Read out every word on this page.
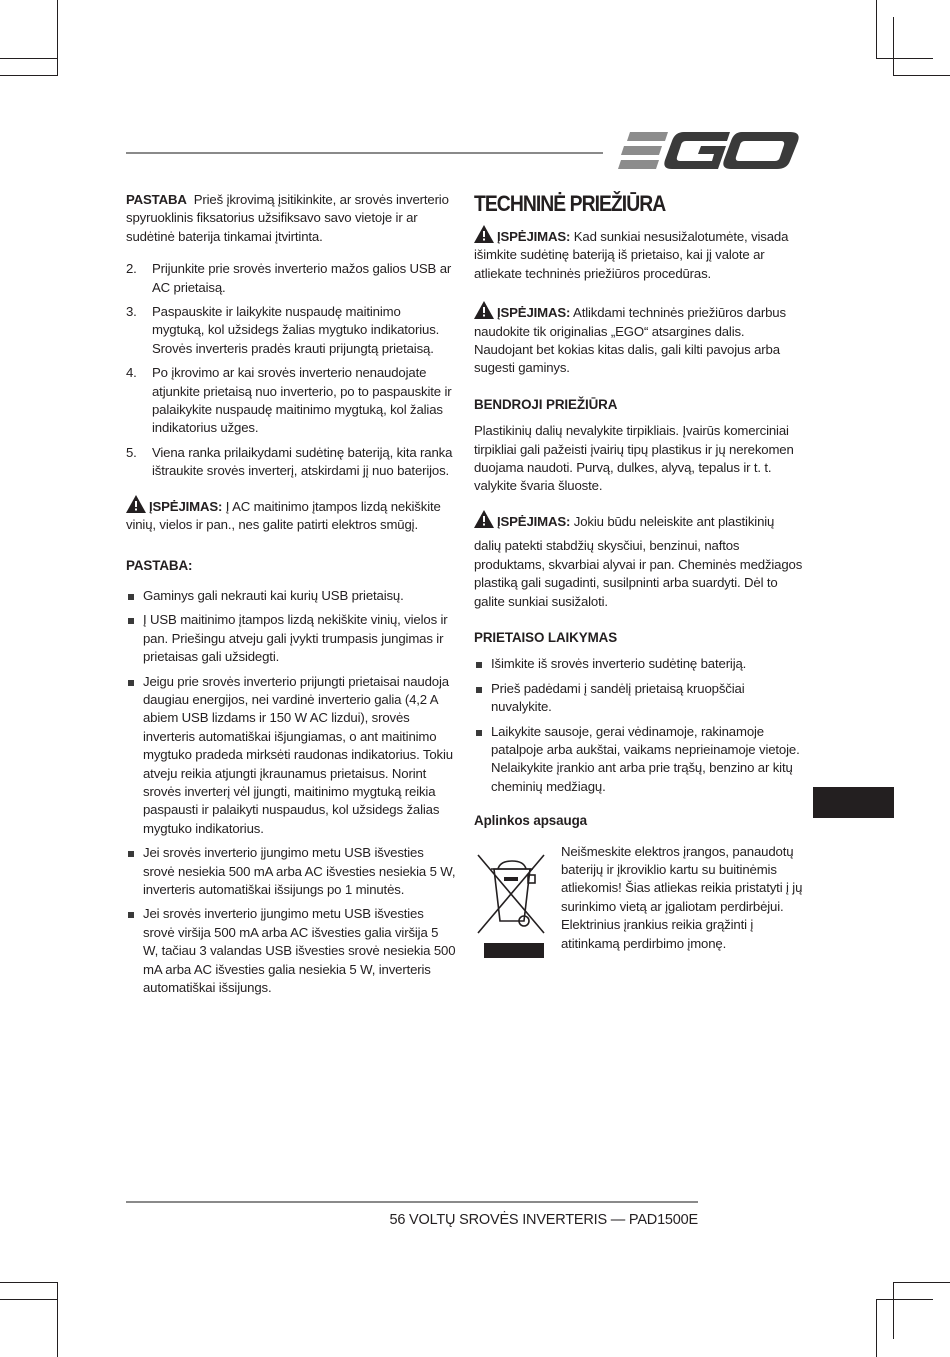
PASTABA Prieš įkrovimą įsitikinkite, ar srovės inverterio spyruoklinis fiksatorius užsifiksavo savo vietoje ir ar sudėtinė baterija tinkamai įtvirtinta.

2. Prijunkite prie srovės inverterio mažos galios USB ar AC prietaisą.
3. Paspauskite ir laikykite nuspaudę maitinimo mygtuką, kol užsidegs žalias mygtuko indikatorius. Srovės inverteris pradės krauti prijungtą prietaisą.
4. Po įkrovimo ar kai srovės inverterio nenaudojate atjunkite prietaisą nuo inverterio, po to paspauskite ir palaikykite nuspaudę maitinimo mygtuką, kol žalias indikatorius užges.
5. Viena ranka prilaikydami sudėtinę bateriją, kita ranka ištraukite srovės inverterį, atskirdami jį nuo baterijos.

ĮSPĖJIMAS: Į AC maitinimo įtampos lizdą nekiškite vinių, vielos ir pan., nes galite patirti elektros smūgį.

PASTABA:
Gaminys gali nekrauti kai kurių USB prietaisų.
Į USB maitinimo įtampos lizdą nekiškite vinių, vielos ir pan. Priešingu atveju gali įvykti trumpasis jungimas ir prietaisas gali užsidegti.
Jeigu prie srovės inverterio prijungti prietaisai naudoja daugiau energijos, nei vardinė inverterio galia (4,2 A abiem USB lizdams ir 150 W AC lizdui), srovės inverteris automatiškai išjungiamas, o ant maitinimo mygtuko pradeda mirksėti raudonas indikatorius. Tokiu atveju reikia atjungti įkraunamus prietaisus. Norint srovės inverterį vėl įjungti, maitinimo mygtuką reikia paspausti ir palaikyti nuspaudus, kol užsidegs žalias mygtuko indikatorius.
Jei srovės inverterio įjungimo metu USB išvesties srovė nesiekia 500 mA arba AC išvesties nesiekia 5 W, inverteris automatiškai išsijungs po 1 minutės.
Jei srovės inverterio įjungimo metu USB išvesties srovė viršija 500 mA arba AC išvesties galia viršija 5 W, tačiau 3 valandas USB išvesties srovė nesiekia 500 mA arba AC išvesties galia nesiekia 5 W, inverteris automatiškai išsijungs.
TECHNINĖ PRIEŽIŪRA

ĮSPĖJIMAS: Kad sunkiai nesusižalotumėte, visada išimkite sudėtinę bateriją iš prietaiso, kai jį valote ar atliekate techninės priežiūros procedūras.

ĮSPĖJIMAS: Atlikdami techninės priežiūros darbus naudokite tik originalias „EGO“ atsargines dalis. Naudojant bet kokias kitas dalis, gali kilti pavojus arba sugesti gaminys.

BENDROJI PRIEŽIŪRA

Plastikinių dalių nevalykite tirpikliais. Įvairūs komerciniai tirpikliai gali pažeisti įvairių tipų plastikus ir jų nerekomen duojama naudoti. Purvą, dulkes, alyvą, tepalus ir t. t. valykite švaria šluoste.

ĮSPĖJIMAS: Jokiu būdu neleiskite ant plastikinių

dalių patekti stabdžių skysčiui, benzinui, naftos produktams, skvarbiai alyvai ir pan. Cheminės medžiagos plastiką gali sugadinti, susilpninti arba suardyti. Dėl to galite sunkiai susižaloti.

PRIETAISO LAIKYMAS
Išimkite iš srovės inverterio sudėtinę bateriją.
Prieš padėdami į sandėlį prietaisą kruopščiai nuvalykite.
Laikykite sausoje, gerai vėdinamoje, rakinamoje patalpoje arba aukštai, vaikams neprieinamoje vietoje. Nelaikykite įrankio ant arba prie trąšų, benzino ar kitų cheminių medžiagų.
Aplinkos apsauga

Neišmeskite elektros įrangos, panaudotų baterijų ir įkroviklio kartu su buitinėmis atliekomis! Šias atliekas reikia pristatyti į jų surinkimo vietą ar įgaliotam perdirbėjui. Elektrinius įrankius reikia grąžinti į atitinkamą perdirbimo įmonę.

56 VOLTŲ SROVĖS INVERTERIS — PAD1500E
